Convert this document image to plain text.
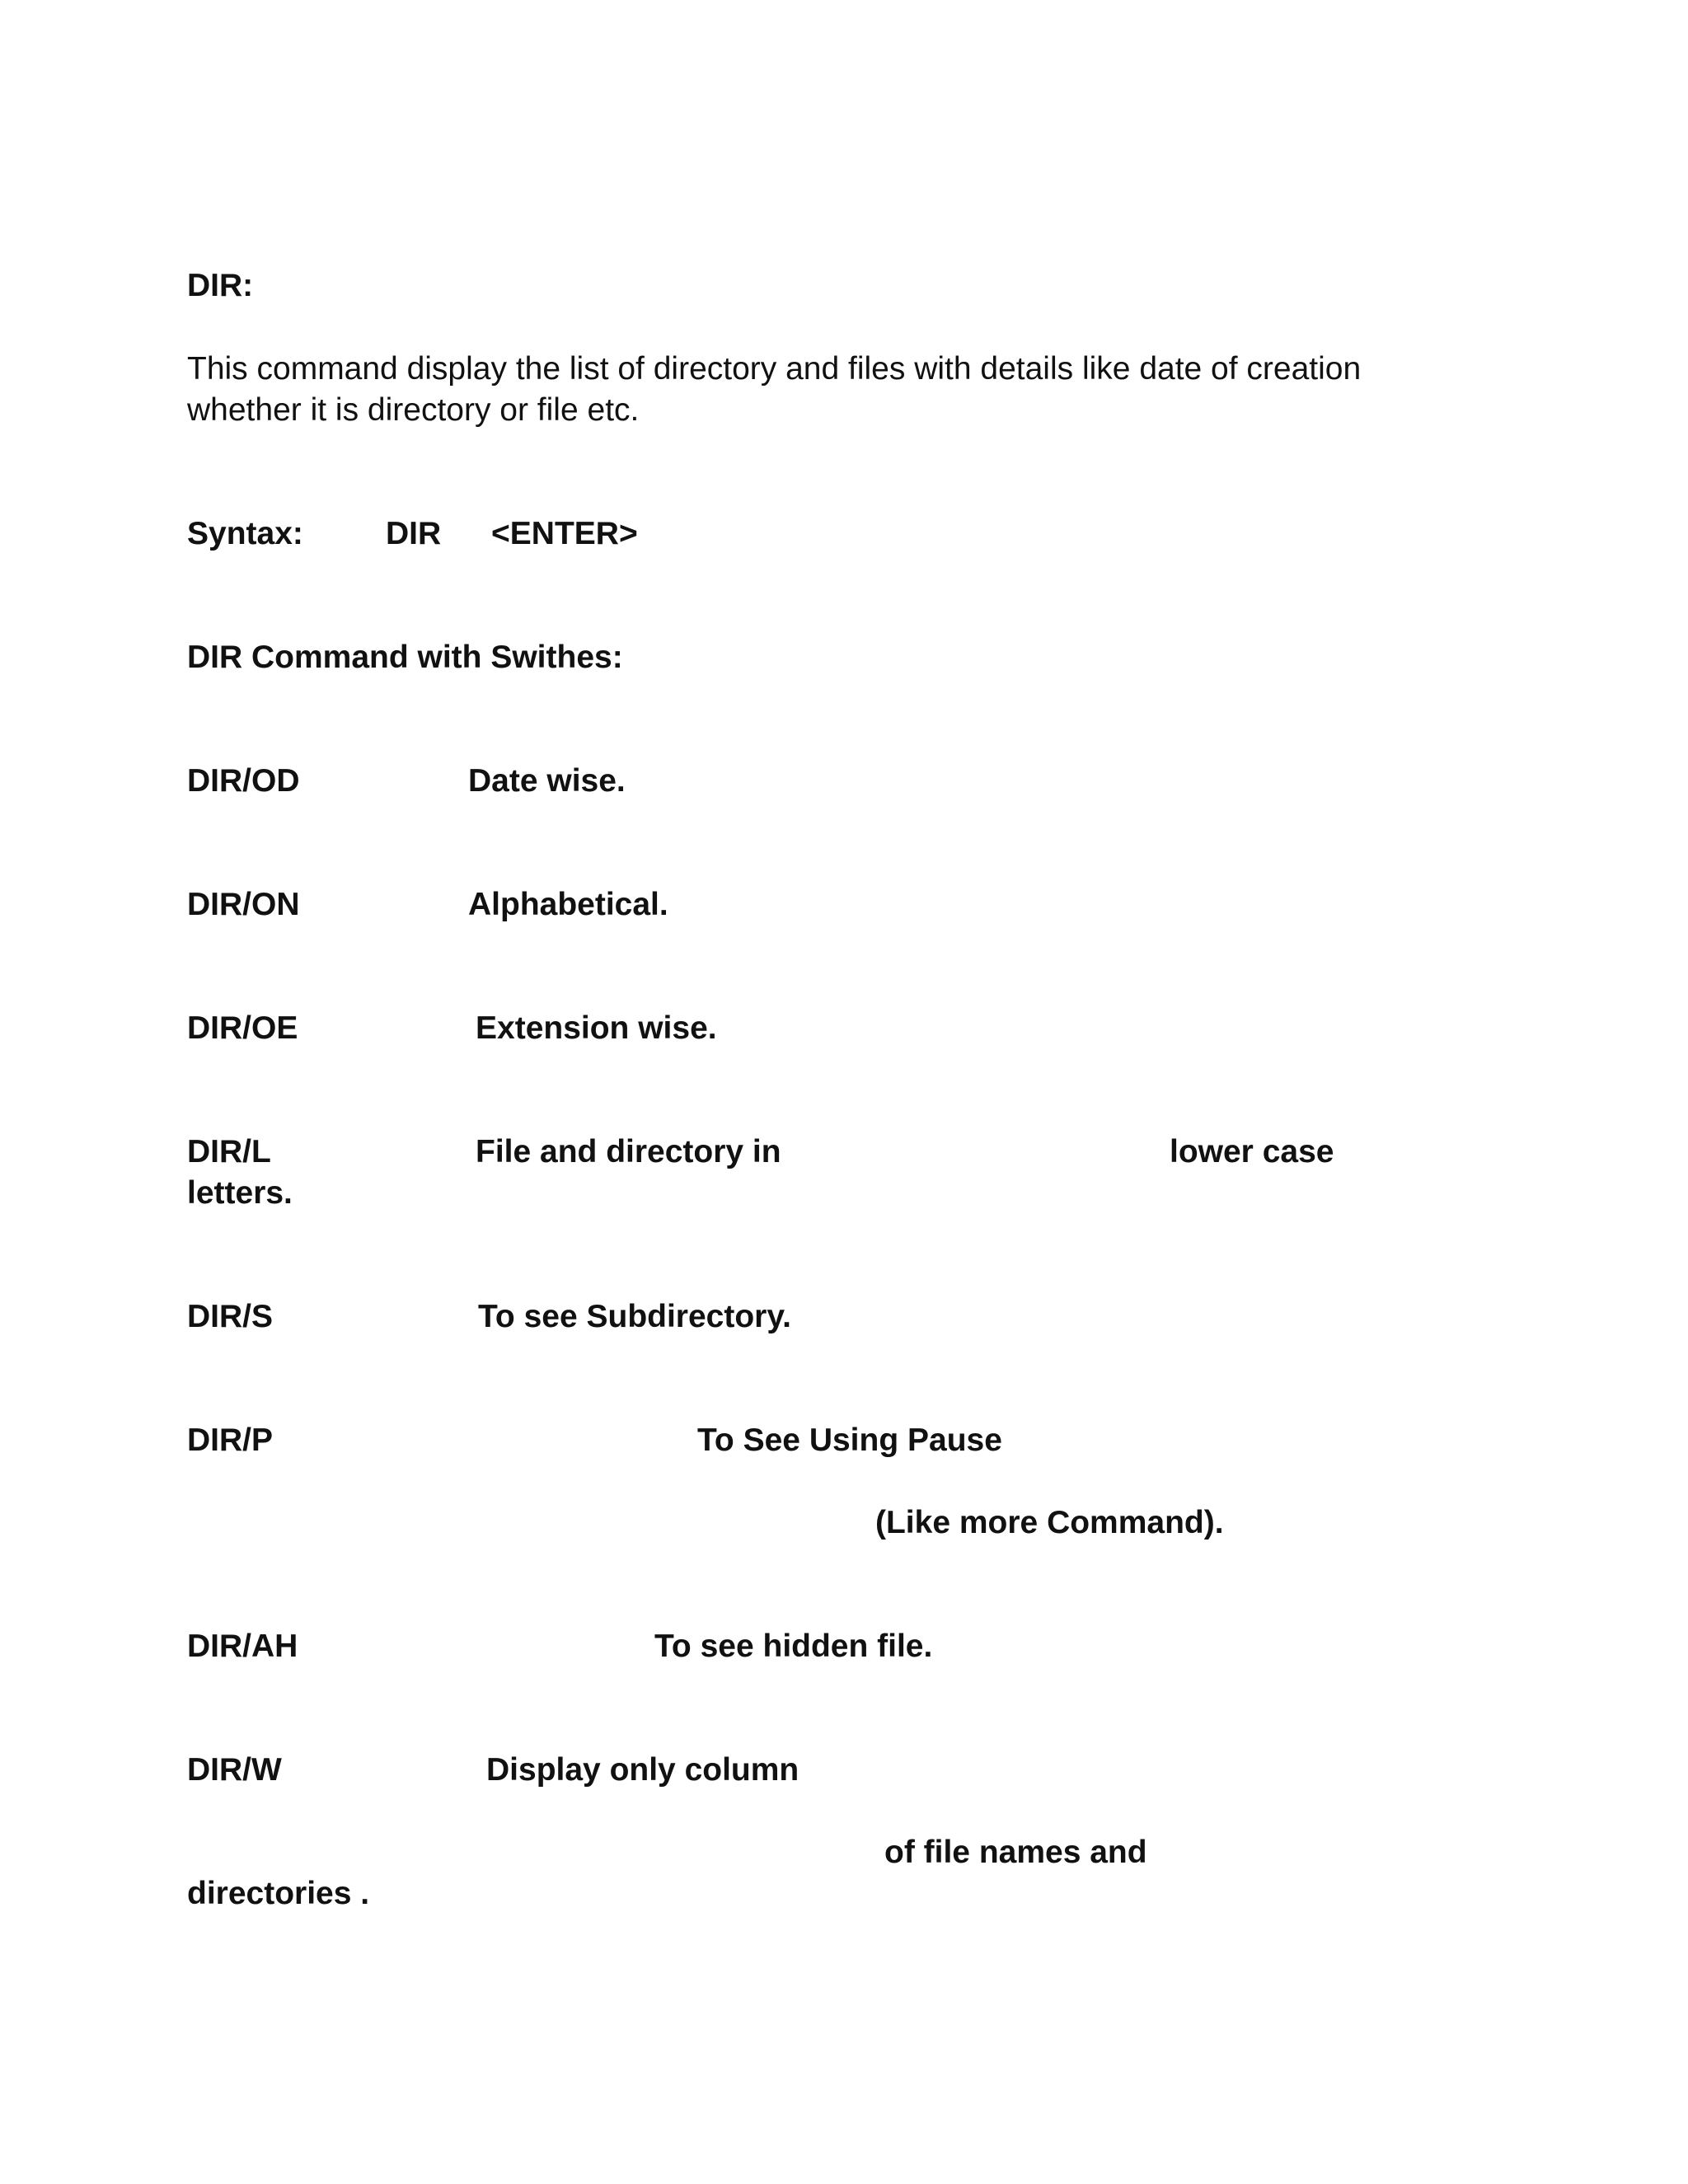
DIR:
This command display the list of directory and files with details like date of creation
whether it is directory or file etc.
Syntax:	DIR <ENTER>
DIR Command with Swithes:
DIR/OD	Date wise.
DIR/ON	Alphabetical.
DIR/OE	Extension wise.
DIR/L	File and directory in	lower case
letters.
DIR/S	To see Subdirectory.
DIR/P	To See Using Pause
(Like more Command).
DIR/AH	To see hidden file.
DIR/W	Display only column
of file names and
directories .
